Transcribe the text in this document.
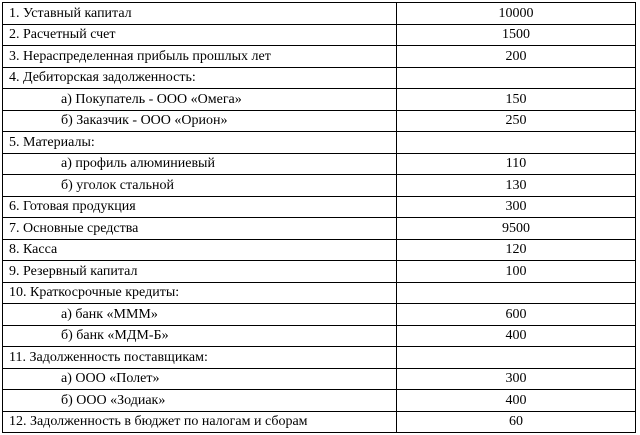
1. Уставный капитал	10000
2. Расчетный счет	1500
3. Нераспределенная прибыль прошлых лет	200
4. Дебиторская задолженность:	
а) Покупатель - ООО «Омега»	150
б) Заказчик - ООО «Орион»	250
5. Материалы:	
а) профиль алюминиевый	110
б) уголок стальной	130
6. Готовая продукция	300
7. Основные средства	9500
8. Касса	120
9. Резервный капитал	100
10. Краткосрочные кредиты:	
а) банк «МММ»	600
б) банк «МДМ-Б»	400
11. Задолженность поставщикам:	
а) ООО «Полет»	300
б) ООО «Зодиак»	400
12. Задолженность в бюджет по налогам и сборам	60
